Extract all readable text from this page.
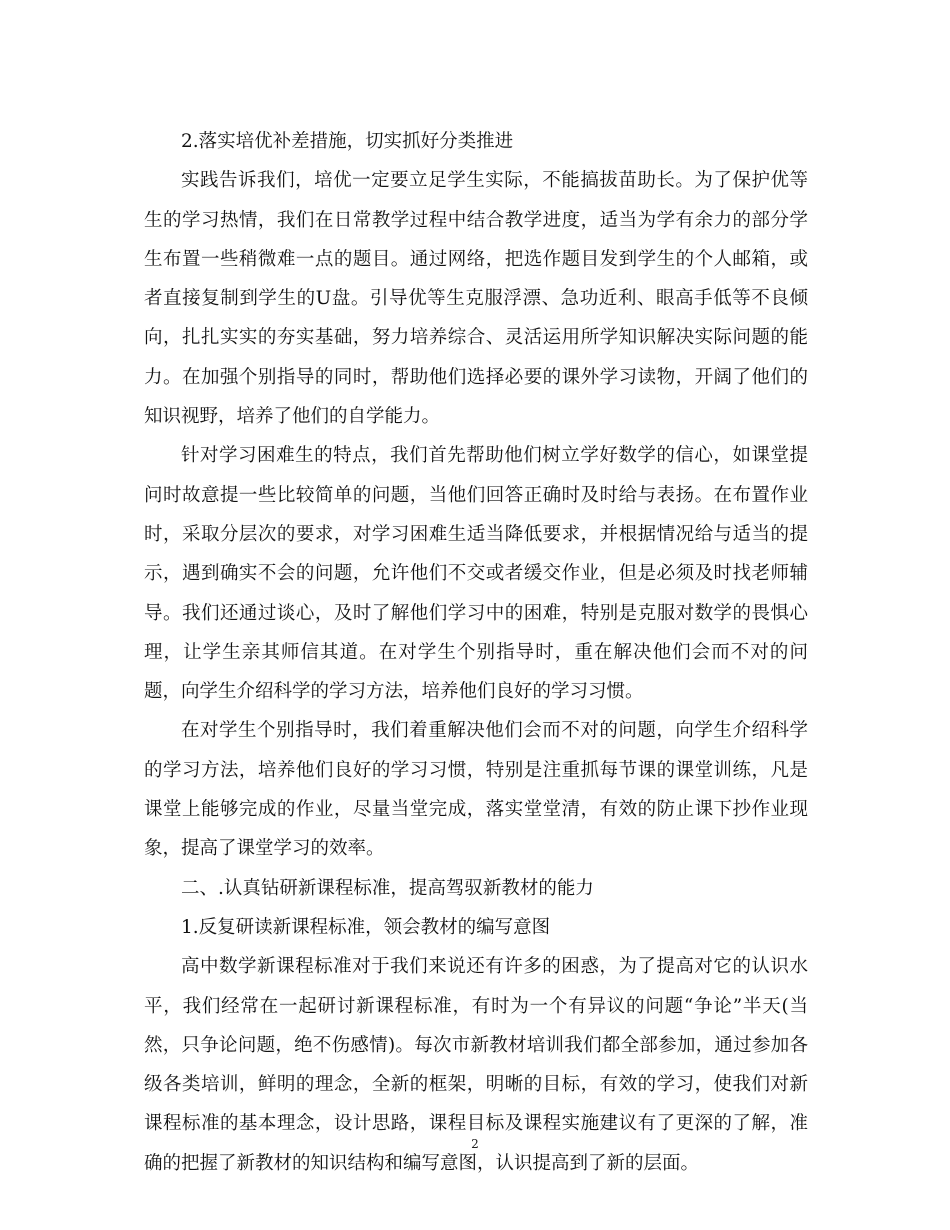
2.落实培优补差措施，切实抓好分类推进
实践告诉我们，培优一定要立足学生实际，不能搞拔苗助长。为了保护优等
生的学习热情，我们在日常教学过程中结合教学进度，适当为学有余力的部分学
生布置一些稍微难一点的题目。通过网络，把选作题目发到学生的个人邮箱，或
者直接复制到学生的U盘。引导优等生克服浮漂、急功近利、眼高手低等不良倾
向，扎扎实实的夯实基础，努力培养综合、灵活运用所学知识解决实际问题的能
力。在加强个别指导的同时，帮助他们选择必要的课外学习读物，开阔了他们的
知识视野，培养了他们的自学能力。
针对学习困难生的特点，我们首先帮助他们树立学好数学的信心，如课堂提
问时故意提一些比较简单的问题，当他们回答正确时及时给与表扬。在布置作业
时，采取分层次的要求，对学习困难生适当降低要求，并根据情况给与适当的提
示，遇到确实不会的问题，允许他们不交或者缓交作业，但是必须及时找老师辅
导。我们还通过谈心，及时了解他们学习中的困难，特别是克服对数学的畏惧心
理，让学生亲其师信其道。在对学生个别指导时，重在解决他们会而不对的问
题，向学生介绍科学的学习方法，培养他们良好的学习习惯。
在对学生个别指导时，我们着重解决他们会而不对的问题，向学生介绍科学
的学习方法，培养他们良好的学习习惯，特别是注重抓每节课的课堂训练，凡是
课堂上能够完成的作业，尽量当堂完成，落实堂堂清，有效的防止课下抄作业现
象，提高了课堂学习的效率。
二、.认真钻研新课程标准，提高驾驭新教材的能力
1.反复研读新课程标准，领会教材的编写意图
高中数学新课程标准对于我们来说还有许多的困惑，为了提高对它的认识水
平，我们经常在一起研讨新课程标准，有时为一个有异议的问题“争论”半天(当
然，只争论问题，绝不伤感情)。每次市新教材培训我们都全部参加，通过参加各
级各类培训，鲜明的理念，全新的框架，明晰的目标，有效的学习，使我们对新
课程标准的基本理念，设计思路，课程目标及课程实施建议有了更深的了解，准
确的把握了新教材的知识结构和编写意图，认识提高到了新的层面。
2
